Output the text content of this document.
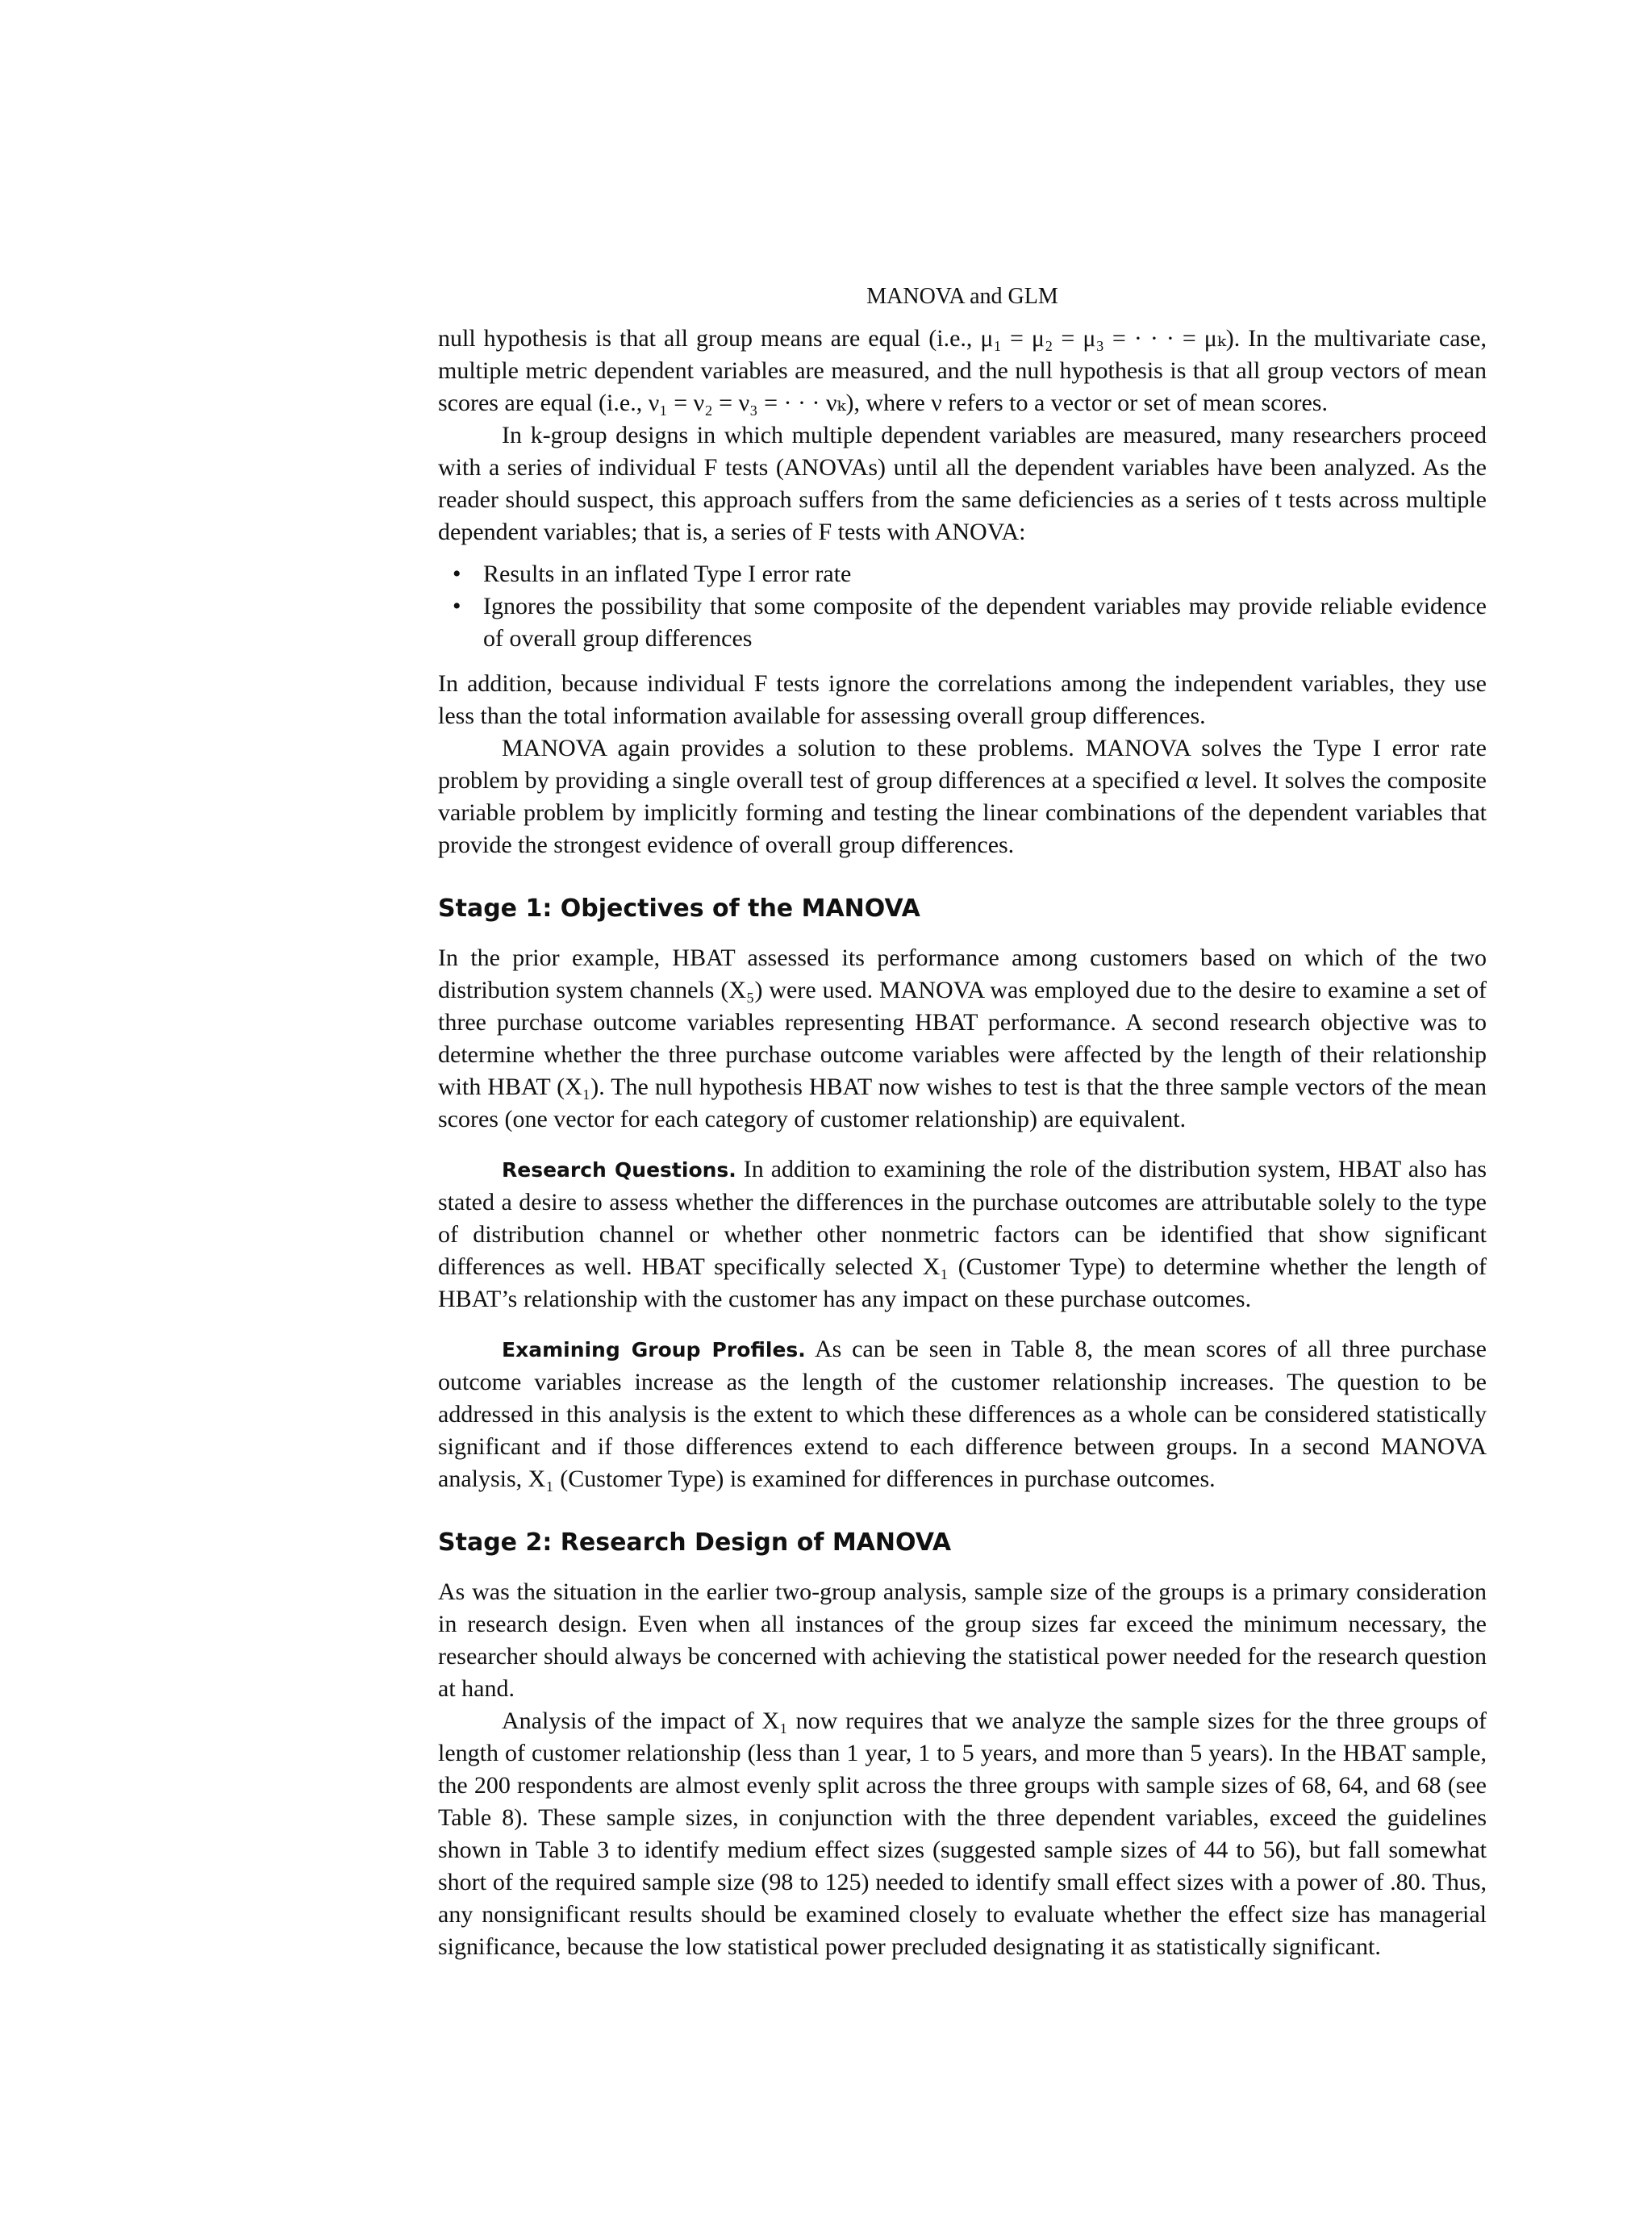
MANOVA and GLM

null hypothesis is that all group means are equal (i.e., μ₁ = μ₂ = μ₃ = · · · = μₖ). In the multivariate case, multiple metric dependent variables are measured, and the null hypothesis is that all group vectors of mean scores are equal (i.e., ν₁ = ν₂ = ν₃ = · · · νₖ), where ν refers to a vector or set of mean scores.

In k-group designs in which multiple dependent variables are measured, many researchers proceed with a series of individual F tests (ANOVAs) until all the dependent variables have been analyzed. As the reader should suspect, this approach suffers from the same deficiencies as a series of t tests across multiple dependent variables; that is, a series of F tests with ANOVA:

• Results in an inflated Type I error rate
• Ignores the possibility that some composite of the dependent variables may provide reliable evidence of overall group differences

In addition, because individual F tests ignore the correlations among the independent variables, they use less than the total information available for assessing overall group differences.

MANOVA again provides a solution to these problems. MANOVA solves the Type I error rate problem by providing a single overall test of group differences at a specified α level. It solves the composite variable problem by implicitly forming and testing the linear combinations of the dependent variables that provide the strongest evidence of overall group differences.

Stage 1: Objectives of the MANOVA

In the prior example, HBAT assessed its performance among customers based on which of the two distribution system channels (X₅) were used. MANOVA was employed due to the desire to examine a set of three purchase outcome variables representing HBAT performance. A second research objective was to determine whether the three purchase outcome variables were affected by the length of their relationship with HBAT (X₁). The null hypothesis HBAT now wishes to test is that the three sample vectors of the mean scores (one vector for each category of customer relationship) are equivalent.

Research Questions. In addition to examining the role of the distribution system, HBAT also has stated a desire to assess whether the differences in the purchase outcomes are attributable solely to the type of distribution channel or whether other nonmetric factors can be identified that show significant differences as well. HBAT specifically selected X₁ (Customer Type) to determine whether the length of HBAT’s relationship with the customer has any impact on these purchase outcomes.

Examining Group Profiles. As can be seen in Table 8, the mean scores of all three purchase outcome variables increase as the length of the customer relationship increases. The question to be addressed in this analysis is the extent to which these differences as a whole can be considered statistically significant and if those differences extend to each difference between groups. In a second MANOVA analysis, X₁ (Customer Type) is examined for differences in purchase outcomes.

Stage 2: Research Design of MANOVA

As was the situation in the earlier two-group analysis, sample size of the groups is a primary consideration in research design. Even when all instances of the group sizes far exceed the minimum necessary, the researcher should always be concerned with achieving the statistical power needed for the research question at hand.

Analysis of the impact of X₁ now requires that we analyze the sample sizes for the three groups of length of customer relationship (less than 1 year, 1 to 5 years, and more than 5 years). In the HBAT sample, the 200 respondents are almost evenly split across the three groups with sample sizes of 68, 64, and 68 (see Table 8). These sample sizes, in conjunction with the three dependent variables, exceed the guidelines shown in Table 3 to identify medium effect sizes (suggested sample sizes of 44 to 56), but fall somewhat short of the required sample size (98 to 125) needed to identify small effect sizes with a power of .80. Thus, any nonsignificant results should be examined closely to evaluate whether the effect size has managerial significance, because the low statistical power precluded designating it as statistically significant.
